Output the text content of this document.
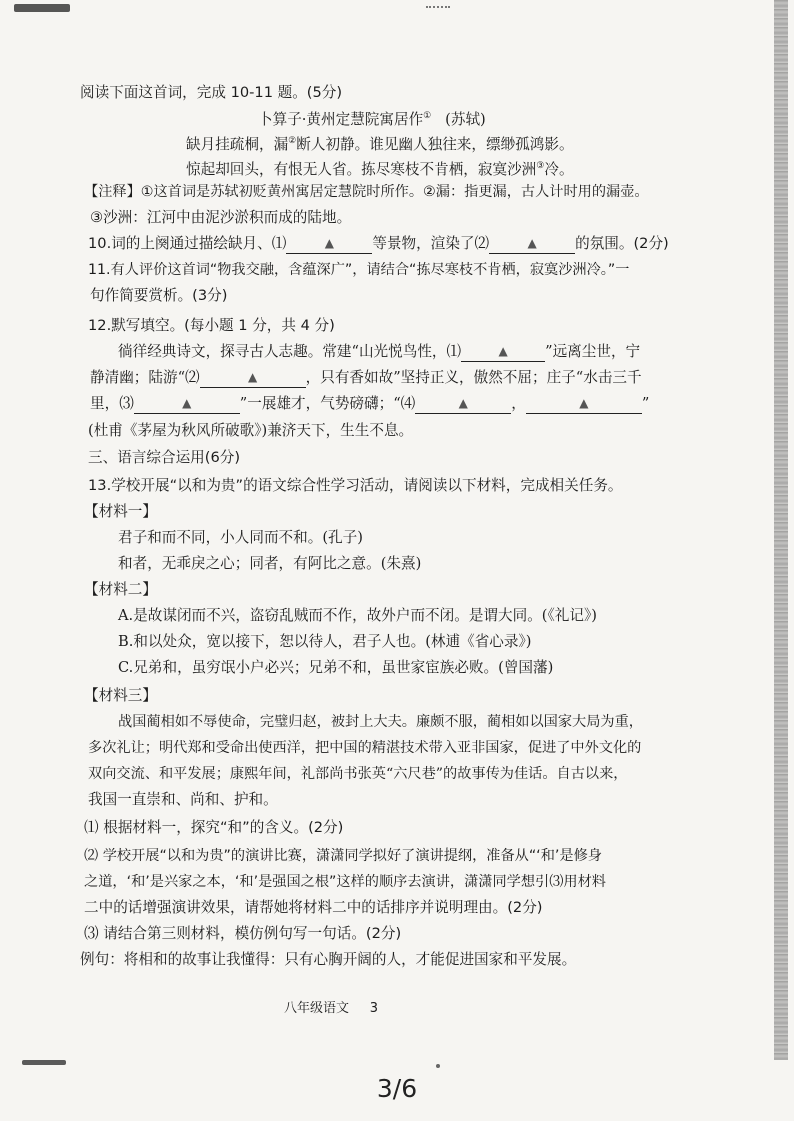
阅读下面这首词，完成 10-11 题。(5分)
卜算子·黄州定慧院寓居作① (苏轼)
缺月挂疏桐，漏②断人初静。谁见幽人独往来，缥缈孤鸿影。
惊起却回头，有恨无人省。拣尽寒枝不肯栖，寂寞沙洲③冷。
【注释】①这首词是苏轼初贬黄州寓居定慧院时所作。②漏：指更漏，古人计时用的漏壶。
③沙洲：江河中由泥沙淤积而成的陆地。
10.词的上阕通过描绘缺月、⑴	▲	等景物，渲染了⑵	▲	的氛围。(2分)
11.有人评价这首词“物我交融，含蕴深广”，请结合“拣尽寒枝不肯栖，寂寞沙洲冷。”一
句作简要赏析。(3分)
12.默写填空。(每小题 1 分，共 4 分)
徜徉经典诗文，探寻古人志趣。常建“山光悦鸟性，⑴	▲	”远离尘世，宁
静清幽；陆游“⑵	▲	，只有香如故”坚持正义，傲然不屈；庄子“水击三千
里，⑶	▲	”一展雄才，气势磅礴；“⑷	▲	，	▲	”
(杜甫《茅屋为秋风所破歌》)兼济天下，生生不息。
三、语言综合运用(6分)
13.学校开展“以和为贵”的语文综合性学习活动，请阅读以下材料，完成相关任务。
【材料一】
君子和而不同，小人同而不和。(孔子)
和者，无乖戾之心；同者，有阿比之意。(朱熹)
【材料二】
A.是故谋闭而不兴，盗窃乱贼而不作，故外户而不闭。是谓大同。(《礼记》)
B.和以处众，宽以接下，恕以待人，君子人也。(林逋《省心录》)
C.兄弟和，虽穷氓小户必兴；兄弟不和，虽世家宦族必败。(曾国藩)
【材料三】
战国蔺相如不辱使命，完璧归赵，被封上大夫。廉颇不服，蔺相如以国家大局为重，
多次礼让；明代郑和受命出使西洋，把中国的精湛技术带入亚非国家，促进了中外文化的
双向交流、和平发展；康熙年间，礼部尚书张英“六尺巷”的故事传为佳话。自古以来，
我国一直崇和、尚和、护和。
⑴ 根据材料一，探究“和”的含义。(2分)
⑵ 学校开展“以和为贵”的演讲比赛，潇潇同学拟好了演讲提纲，准备从“‘和’是修身
之道，‘和’是兴家之本，‘和’是强国之根”这样的顺序去演讲，潇潇同学想引⑶用材料
二中的话增强演讲效果，请帮她将材料二中的话排序并说明理由。(2分)
⑶ 请结合第三则材料，模仿例句写一句话。(2分)
例句：将相和的故事让我懂得：只有心胸开阔的人，才能促进国家和平发展。
八年级语文 3
3/6
